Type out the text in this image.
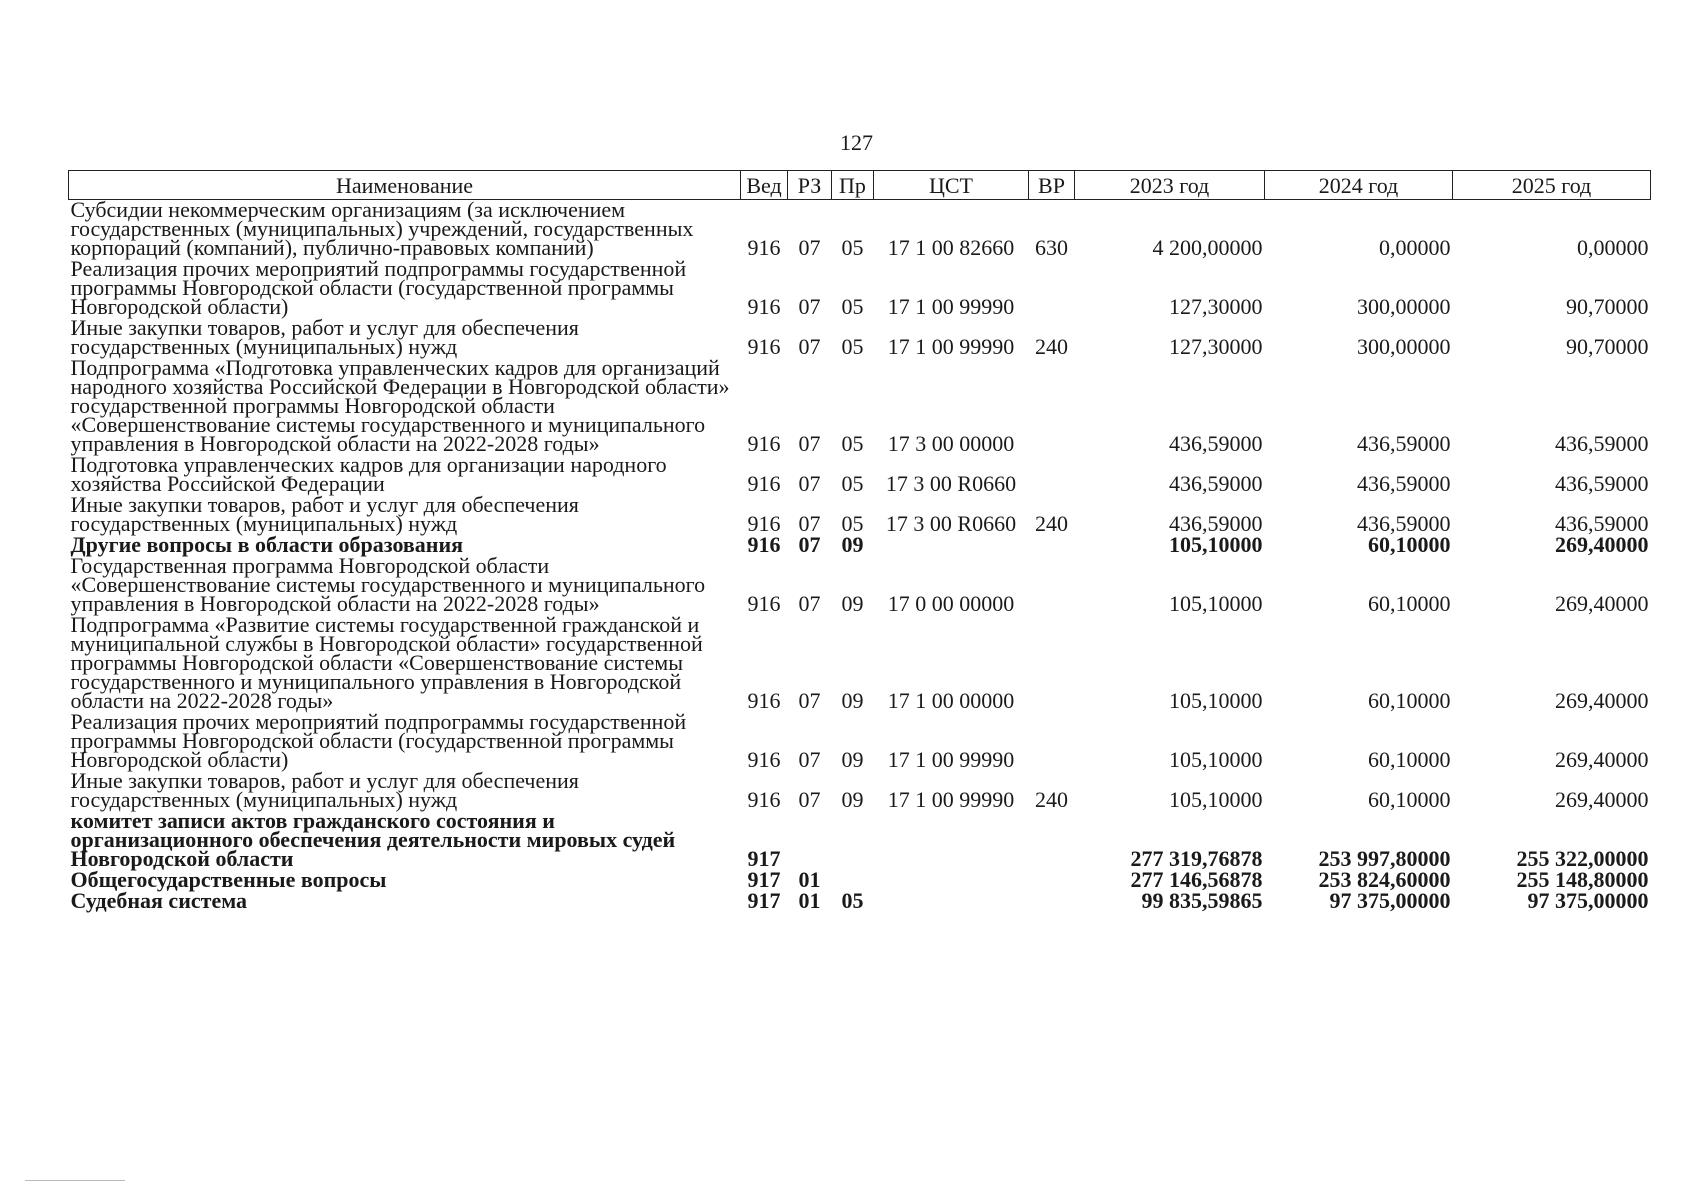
127
Наименование	Вед	РЗ	Пр	ЦСТ	ВР	2023 год	2024 год	2025 год
Субсидии некоммерческим организациям (за исключением государственных (муниципальных) учреждений, государственных корпораций (компаний), публично-правовых компаний)	916	07	05	17 1 00 82660	630	4 200,00000	0,00000	0,00000
Реализация прочих мероприятий подпрограммы государственной программы Новгородской области (государственной программы Новгородской области)	916	07	05	17 1 00 99990		127,30000	300,00000	90,70000
Иные закупки товаров, работ и услуг для обеспечения государственных (муниципальных) нужд	916	07	05	17 1 00 99990	240	127,30000	300,00000	90,70000
Подпрограмма «Подготовка управленческих кадров для организаций народного хозяйства Российской Федерации в Новгородской области» государственной программы Новгородской области «Совершенствование системы государственного и муниципального управления в Новгородской области на 2022-2028 годы»	916	07	05	17 3 00 00000		436,59000	436,59000	436,59000
Подготовка управленческих кадров для организации народного хозяйства Российской Федерации	916	07	05	17 3 00 R0660		436,59000	436,59000	436,59000
Иные закупки товаров, работ и услуг для обеспечения государственных (муниципальных) нужд	916	07	05	17 3 00 R0660	240	436,59000	436,59000	436,59000
Другие вопросы в области образования	916	07	09			105,10000	60,10000	269,40000
Государственная программа Новгородской области «Совершенствование системы государственного и муниципального управления в Новгородской области на 2022-2028 годы»	916	07	09	17 0 00 00000		105,10000	60,10000	269,40000
Подпрограмма «Развитие системы государственной гражданской и муниципальной службы в Новгородской области» государственной программы Новгородской области «Совершенствование системы государственного и муниципального управления в Новгородской области на 2022-2028 годы»	916	07	09	17 1 00 00000		105,10000	60,10000	269,40000
Реализация прочих мероприятий подпрограммы государственной программы Новгородской области (государственной программы Новгородской области)	916	07	09	17 1 00 99990		105,10000	60,10000	269,40000
Иные закупки товаров, работ и услуг для обеспечения государственных (муниципальных) нужд	916	07	09	17 1 00 99990	240	105,10000	60,10000	269,40000
комитет записи актов гражданского состояния и организационного обеспечения деятельности мировых судей Новгородской области	917					277 319,76878	253 997,80000	255 322,00000
Общегосударственные вопросы	917	01				277 146,56878	253 824,60000	255 148,80000
Судебная система	917	01	05			99 835,59865	97 375,00000	97 375,00000
